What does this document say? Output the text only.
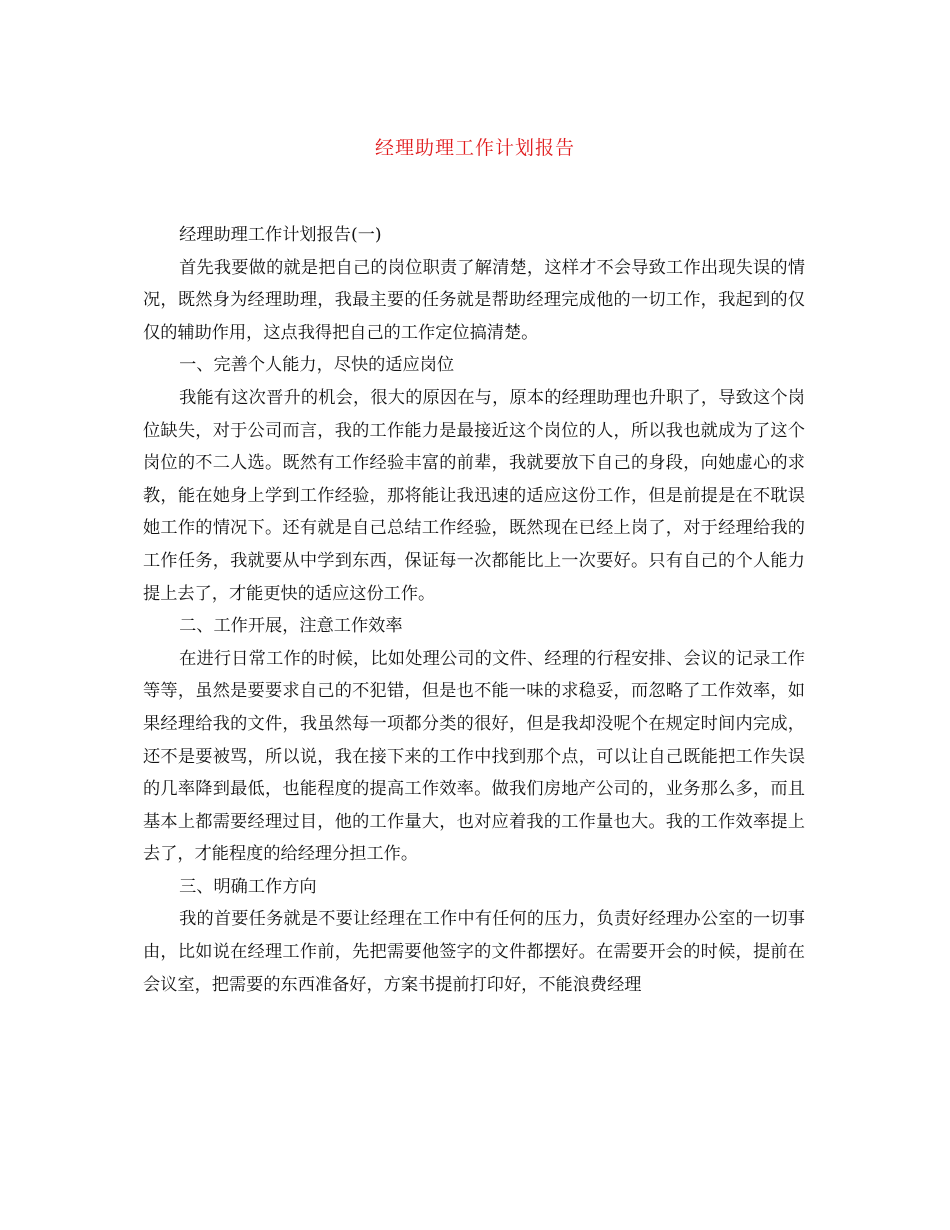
经理助理工作计划报告

经理助理工作计划报告(一)

首先我要做的就是把自己的岗位职责了解清楚，这样才不会导致工作出现失误的情况，既然身为经理助理，我最主要的任务就是帮助经理完成他的一切工作，我起到的仅仅的辅助作用，这点我得把自己的工作定位搞清楚。

一、完善个人能力，尽快的适应岗位

我能有这次晋升的机会，很大的原因在与，原本的经理助理也升职了，导致这个岗位缺失，对于公司而言，我的工作能力是最接近这个岗位的人，所以我也就成为了这个岗位的不二人选。既然有工作经验丰富的前辈，我就要放下自己的身段，向她虚心的求教，能在她身上学到工作经验，那将能让我迅速的适应这份工作，但是前提是在不耽误她工作的情况下。还有就是自己总结工作经验，既然现在已经上岗了，对于经理给我的工作任务，我就要从中学到东西，保证每一次都能比上一次要好。只有自己的个人能力提上去了，才能更快的适应这份工作。

二、工作开展，注意工作效率

在进行日常工作的时候，比如处理公司的文件、经理的行程安排、会议的记录工作等等，虽然是要要求自己的不犯错，但是也不能一味的求稳妥，而忽略了工作效率，如果经理给我的文件，我虽然每一项都分类的很好，但是我却没呢个在规定时间内完成，还不是要被骂，所以说，我在接下来的工作中找到那个点，可以让自己既能把工作失误的几率降到最低，也能程度的提高工作效率。做我们房地产公司的，业务那么多，而且基本上都需要经理过目，他的工作量大，也对应着我的工作量也大。我的工作效率提上去了，才能程度的给经理分担工作。

三、明确工作方向

我的首要任务就是不要让经理在工作中有任何的压力，负责好经理办公室的一切事由，比如说在经理工作前，先把需要他签字的文件都摆好。在需要开会的时候，提前在会议室，把需要的东西准备好，方案书提前打印好，不能浪费经理
